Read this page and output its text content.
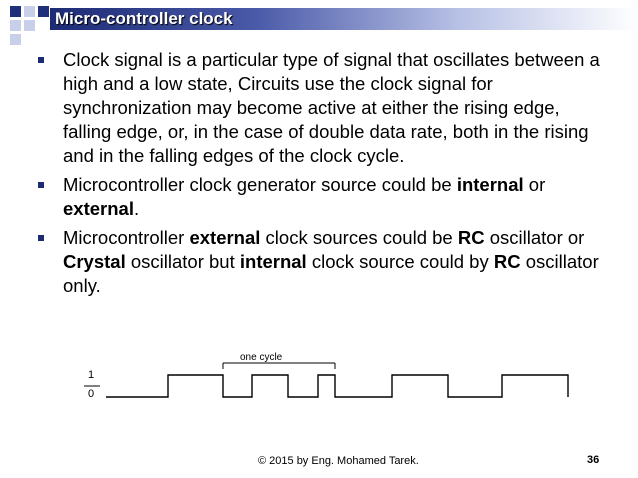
Micro-controller clock
Clock signal is a particular type of signal that oscillates between a high and a low state, Circuits use the clock signal for synchronization may become active at either the rising edge, falling edge, or, in the case of double data rate, both in the rising and in the falling edges of the clock cycle.
Microcontroller clock generator source could be internal or external.
Microcontroller external clock sources could be RC oscillator or Crystal oscillator but internal clock source could by RC oscillator only.
1
0
one cycle
© 2015 by Eng. Mohamed Tarek.	36
